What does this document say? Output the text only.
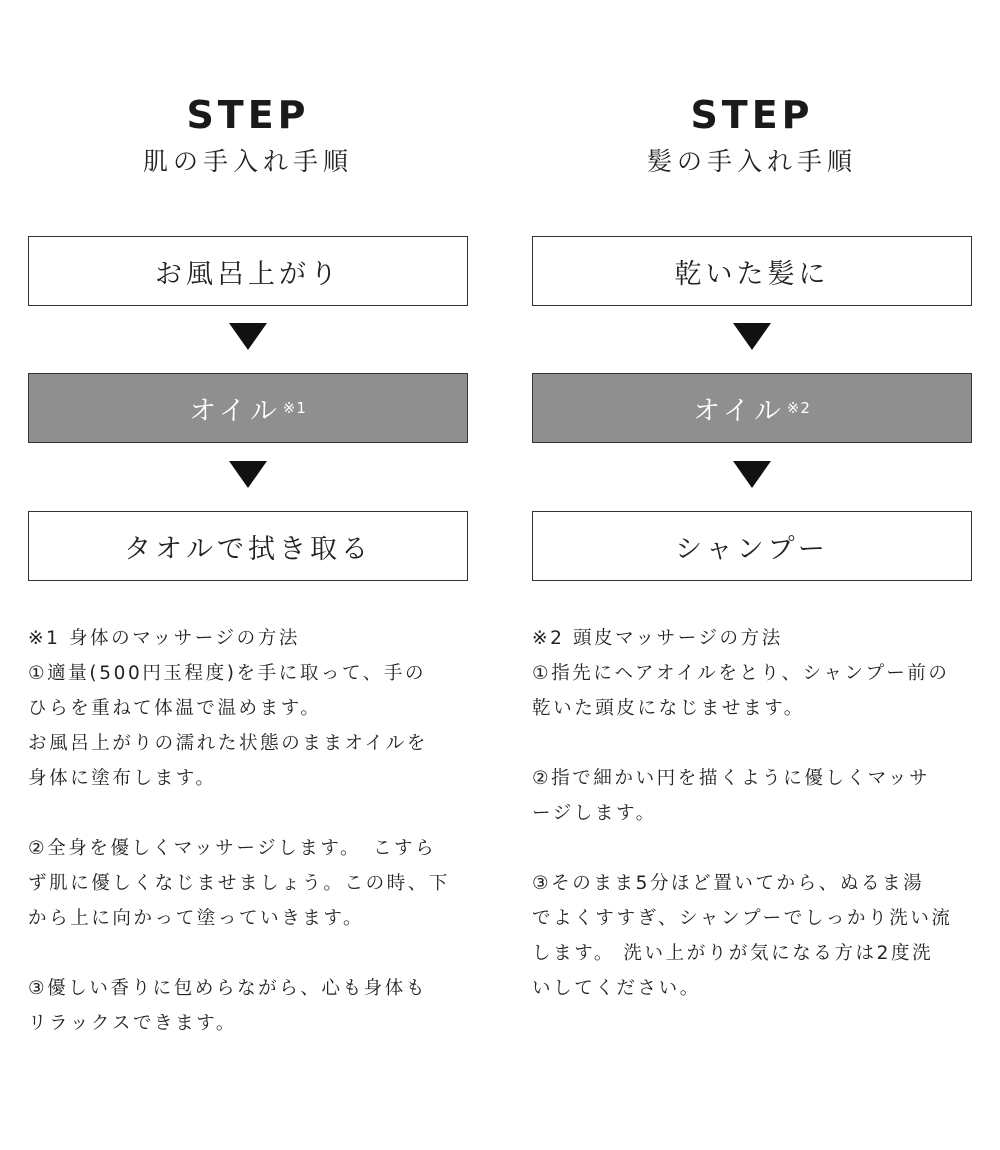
STEP
肌の手入れ手順
お風呂上がり
オイル ※1
タオルで拭き取る

※1 身体のマッサージの方法

①適量(500円玉程度)を手に取って、手の

ひらを重ねて体温で温めます。

お風呂上がりの濡れた状態のままオイルを

身体に塗布します。

②全身を優しくマッサージします。　こすら

ず肌に優しくなじませましょう。この時、下

から上に向かって塗っていきます。

③優しい香りに包めらながら、心も身体も

リラックスできます。

STEP
髪の手入れ手順
乾いた髪に
オイル ※2
シャンプー

※2 頭皮マッサージの方法

①指先にヘアオイルをとり、シャンプー前の

乾いた頭皮になじませます。

②指で細かい円を描くように優しくマッサ

ージします。

③そのまま5分ほど置いてから、ぬるま湯

でよくすすぎ、シャンプーでしっかり洗い流

します。 洗い上がりが気になる方は2度洗

いしてください。
